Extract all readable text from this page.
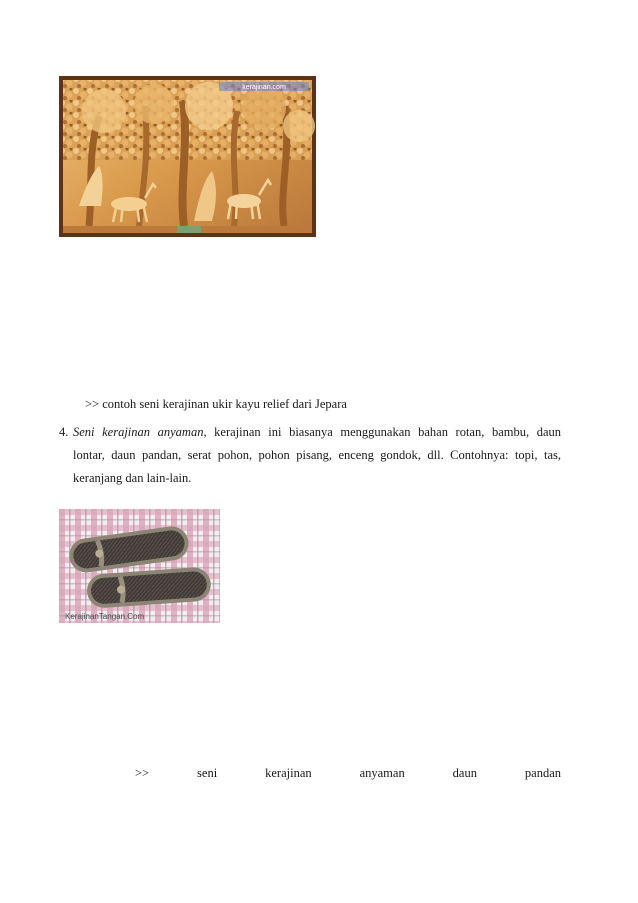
kerajinan.com
>> contoh seni kerajinan ukir kayu relief dari Jepara
4. Seni kerajinan anyaman, kerajinan ini biasanya menggunakan bahan rotan, bambu, daun
lontar, daun pandan, serat pohon, pohon pisang, enceng gondok, dll. Contohnya: topi, tas,
keranjang dan lain-lain.
KerajinanTangan.Com
>>	seni	kerajinan	anyaman	daun	pandan
